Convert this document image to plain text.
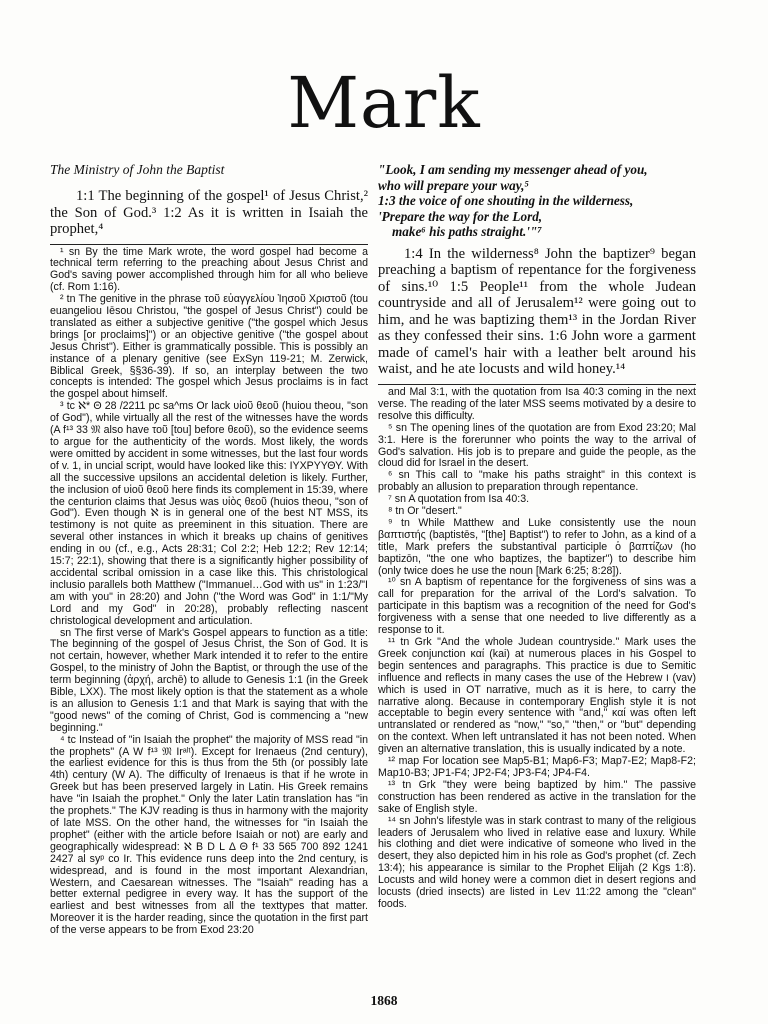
Mark
The Ministry of John the Baptist

1:1 The beginning of the gospel¹ of Jesus Christ,² the Son of God.³ 1:2 As it is written in Isaiah the prophet,⁴

¹ sn By the time Mark wrote, the word gospel had become a technical term referring to the preaching about Jesus Christ and God's saving power accomplished through him for all who believe (cf. Rom 1:16).

² tn The genitive in the phrase τοῦ εὐαγγελίου Ἰησοῦ Χριστοῦ (tou euangeliou Iēsou Christou, "the gospel of Jesus Christ") could be translated as either a subjective genitive ("the gospel which Jesus brings [or proclaims]") or an objective genitive ("the gospel about Jesus Christ"). Either is grammatically possible. This is possibly an instance of a plenary genitive (see ExSyn 119-21; M. Zerwick, Biblical Greek, §§36-39). If so, an interplay between the two concepts is intended: The gospel which Jesus proclaims is in fact the gospel about himself.

³ tc ℵ* Θ 28 /2211 pc sa^ms Or lack υἱοῦ θεοῦ (huiou theou, "son of God"), while virtually all the rest of the witnesses have the words (A f¹³ 33 𝔐 also have τοῦ [tou] before θεοῦ), so the evidence seems to argue for the authenticity of the words. Most likely, the words were omitted by accident in some witnesses, but the last four words of v. 1, in uncial script, would have looked like this: ΙΥΧΡΥΥΘΥ. With all the successive upsilons an accidental deletion is likely. Further, the inclusion of υἱοῦ θεοῦ here finds its complement in 15:39, where the centurion claims that Jesus was υἱὸς θεοῦ (huios theou, "son of God"). Even though ℵ is in general one of the best NT MSS, its testimony is not quite as preeminent in this situation. There are several other instances in which it breaks up chains of genitives ending in ου (cf., e.g., Acts 28:31; Col 2:2; Heb 12:2; Rev 12:14; 15:7; 22:1), showing that there is a significantly higher possibility of accidental scribal omission in a case like this. This christological inclusio parallels both Matthew ("Immanuel…God with us" in 1:23/"I am with you" in 28:20) and John ("the Word was God" in 1:1/"My Lord and my God" in 20:28), probably reflecting nascent christological development and articulation.

sn The first verse of Mark's Gospel appears to function as a title: The beginning of the gospel of Jesus Christ, the Son of God. It is not certain, however, whether Mark intended it to refer to the entire Gospel, to the ministry of John the Baptist, or through the use of the term beginning (ἀρχή, archē) to allude to Genesis 1:1 (in the Greek Bible, LXX). The most likely option is that the statement as a whole is an allusion to Genesis 1:1 and that Mark is saying that with the "good news" of the coming of Christ, God is commencing a "new beginning."

⁴ tc Instead of "in Isaiah the prophet" the majority of MSS read "in the prophets" (A W f¹³ 𝔐 Irᵃˡᵗ). Except for Irenaeus (2nd century), the earliest evidence for this is thus from the 5th (or possibly late 4th) century (W A). The difficulty of Irenaeus is that if he wrote in Greek but has been preserved largely in Latin. His Greek remains have "in Isaiah the prophet." Only the later Latin translation has "in the prophets." The KJV reading is thus in harmony with the majority of late MSS. On the other hand, the witnesses for "in Isaiah the prophet" (either with the article before Isaiah or not) are early and geographically widespread: ℵ B D L Δ Θ f¹ 33 565 700 892 1241 2427 al syᵖ co Ir. This evidence runs deep into the 2nd century, is widespread, and is found in the most important Alexandrian, Western, and Caesarean witnesses. The "Isaiah" reading has a better external pedigree in every way. It has the support of the earliest and best witnesses from all the texttypes that matter. Moreover it is the harder reading, since the quotation in the first part of the verse appears to be from Exod 23:20

"Look, I am sending my messenger ahead of you,
who will prepare your way,⁵
1:3 the voice of one shouting in the wilderness,
'Prepare the way for the Lord,
make⁶ his paths straight.'"⁷

1:4 In the wilderness⁸ John the baptizer⁹ began preaching a baptism of repentance for the forgiveness of sins.¹⁰ 1:5 People¹¹ from the whole Judean countryside and all of Jerusalem¹² were going out to him, and he was baptizing them¹³ in the Jordan River as they confessed their sins. 1:6 John wore a garment made of camel's hair with a leather belt around his waist, and he ate locusts and wild honey.¹⁴

and Mal 3:1, with the quotation from Isa 40:3 coming in the next verse. The reading of the later MSS seems motivated by a desire to resolve this difficulty.

⁵ sn The opening lines of the quotation are from Exod 23:20; Mal 3:1. Here is the forerunner who points the way to the arrival of God's salvation. His job is to prepare and guide the people, as the cloud did for Israel in the desert.

⁶ sn This call to "make his paths straight" in this context is probably an allusion to preparation through repentance.

⁷ sn A quotation from Isa 40:3.

⁸ tn Or "desert."

⁹ tn While Matthew and Luke consistently use the noun βαπτιστής (baptistēs, "[the] Baptist") to refer to John, as a kind of a title, Mark prefers the substantival participle ὁ βαπτίζων (ho baptizōn, "the one who baptizes, the baptizer") to describe him (only twice does he use the noun [Mark 6:25; 8:28]).

¹⁰ sn A baptism of repentance for the forgiveness of sins was a call for preparation for the arrival of the Lord's salvation. To participate in this baptism was a recognition of the need for God's forgiveness with a sense that one needed to live differently as a response to it.

¹¹ tn Grk "And the whole Judean countryside." Mark uses the Greek conjunction καί (kai) at numerous places in his Gospel to begin sentences and paragraphs. This practice is due to Semitic influence and reflects in many cases the use of the Hebrew ו (vav) which is used in OT narrative, much as it is here, to carry the narrative along. Because in contemporary English style it is not acceptable to begin every sentence with "and," καί was often left untranslated or rendered as "now," "so," "then," or "but" depending on the context. When left untranslated it has not been noted. When given an alternative translation, this is usually indicated by a note.

¹² map For location see Map5-B1; Map6-F3; Map7-E2; Map8-F2; Map10-B3; JP1-F4; JP2-F4; JP3-F4; JP4-F4.

¹³ tn Grk "they were being baptized by him." The passive construction has been rendered as active in the translation for the sake of English style.

¹⁴ sn John's lifestyle was in stark contrast to many of the religious leaders of Jerusalem who lived in relative ease and luxury. While his clothing and diet were indicative of someone who lived in the desert, they also depicted him in his role as God's prophet (cf. Zech 13:4); his appearance is similar to the Prophet Elijah (2 Kgs 1:8). Locusts and wild honey were a common diet in desert regions and locusts (dried insects) are listed in Lev 11:22 among the "clean" foods.

1868
